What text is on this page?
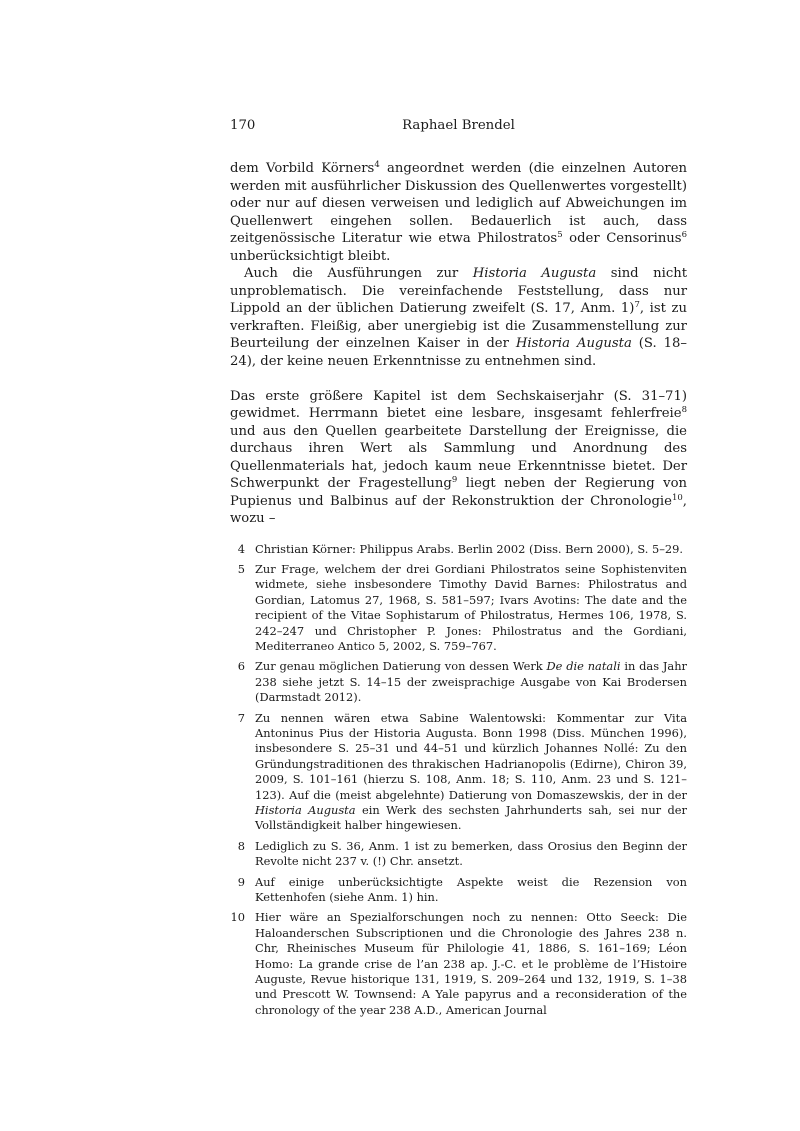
170	Raphael Brendel

dem Vorbild Körners$^4$ angeordnet werden (die einzelnen Autoren werden mit ausführlicher Diskussion des Quellenwertes vorgestellt) oder nur auf diesen verweisen und lediglich auf Abweichungen im Quellenwert eingehen sollen. Bedauerlich ist auch, dass zeitgenössische Literatur wie etwa Philostratos$^5$ oder Censorinus$^6$ unberücksichtigt bleibt.

Auch die Ausführungen zur Historia Augusta sind nicht unproblematisch. Die vereinfachende Feststellung, dass nur Lippold an der üblichen Datierung zweifelt (S. 17, Anm. 1)$^7$, ist zu verkraften. Fleißig, aber unergiebig ist die Zusammenstellung zur Beurteilung der einzelnen Kaiser in der Historia Augusta (S. 18–24), der keine neuen Erkenntnisse zu entnehmen sind.

Das erste größere Kapitel ist dem Sechskaiserjahr (S. 31–71) gewidmet. Herrmann bietet eine lesbare, insgesamt fehlerfreie$^8$ und aus den Quellen gearbeitete Darstellung der Ereignisse, die durchaus ihren Wert als Sammlung und Anordnung des Quellenmaterials hat, jedoch kaum neue Erkenntnisse bietet. Der Schwerpunkt der Fragestellung$^9$ liegt neben der Regierung von Pupienus und Balbinus auf der Rekonstruktion der Chronologie$^{10}$, wozu –

4 Christian Körner: Philippus Arabs. Berlin 2002 (Diss. Bern 2000), S. 5–29.
5 Zur Frage, welchem der drei Gordiani Philostratos seine Sophistenviten widmete, siehe insbesondere Timothy David Barnes: Philostratus and Gordian, Latomus 27, 1968, S. 581–597; Ivars Avotins: The date and the recipient of the Vitae Sophistarum of Philostratus, Hermes 106, 1978, S. 242–247 und Christopher P. Jones: Philostratus and the Gordiani, Mediterraneo Antico 5, 2002, S. 759–767.
6 Zur genau möglichen Datierung von dessen Werk De die natali in das Jahr 238 siehe jetzt S. 14–15 der zweisprachige Ausgabe von Kai Brodersen (Darmstadt 2012).
7 Zu nennen wären etwa Sabine Walentowski: Kommentar zur Vita Antoninus Pius der Historia Augusta. Bonn 1998 (Diss. München 1996), insbesondere S. 25–31 und 44–51 und kürzlich Johannes Nollé: Zu den Gründungstraditionen des thrakischen Hadrianopolis (Edirne), Chiron 39, 2009, S. 101–161 (hierzu S. 108, Anm. 18; S. 110, Anm. 23 und S. 121–123). Auf die (meist abgelehnte) Datierung von Domaszewskis, der in der Historia Augusta ein Werk des sechsten Jahrhunderts sah, sei nur der Vollständigkeit halber hingewiesen.
8 Lediglich zu S. 36, Anm. 1 ist zu bemerken, dass Orosius den Beginn der Revolte nicht 237 v. (!) Chr. ansetzt.
9 Auf einige unberücksichtigte Aspekte weist die Rezension von Kettenhofen (siehe Anm. 1) hin.
10 Hier wäre an Spezialforschungen noch zu nennen: Otto Seeck: Die Haloanderschen Subscriptionen und die Chronologie des Jahres 238 n. Chr, Rheinisches Museum für Philologie 41, 1886, S. 161–169; Léon Homo: La grande crise de l’an 238 ap. J.-C. et le problème de l’Histoire Auguste, Revue historique 131, 1919, S. 209–264 und 132, 1919, S. 1–38 und Prescott W. Townsend: A Yale papyrus and a reconsideration of the chronology of the year 238 A.D., American Journal
